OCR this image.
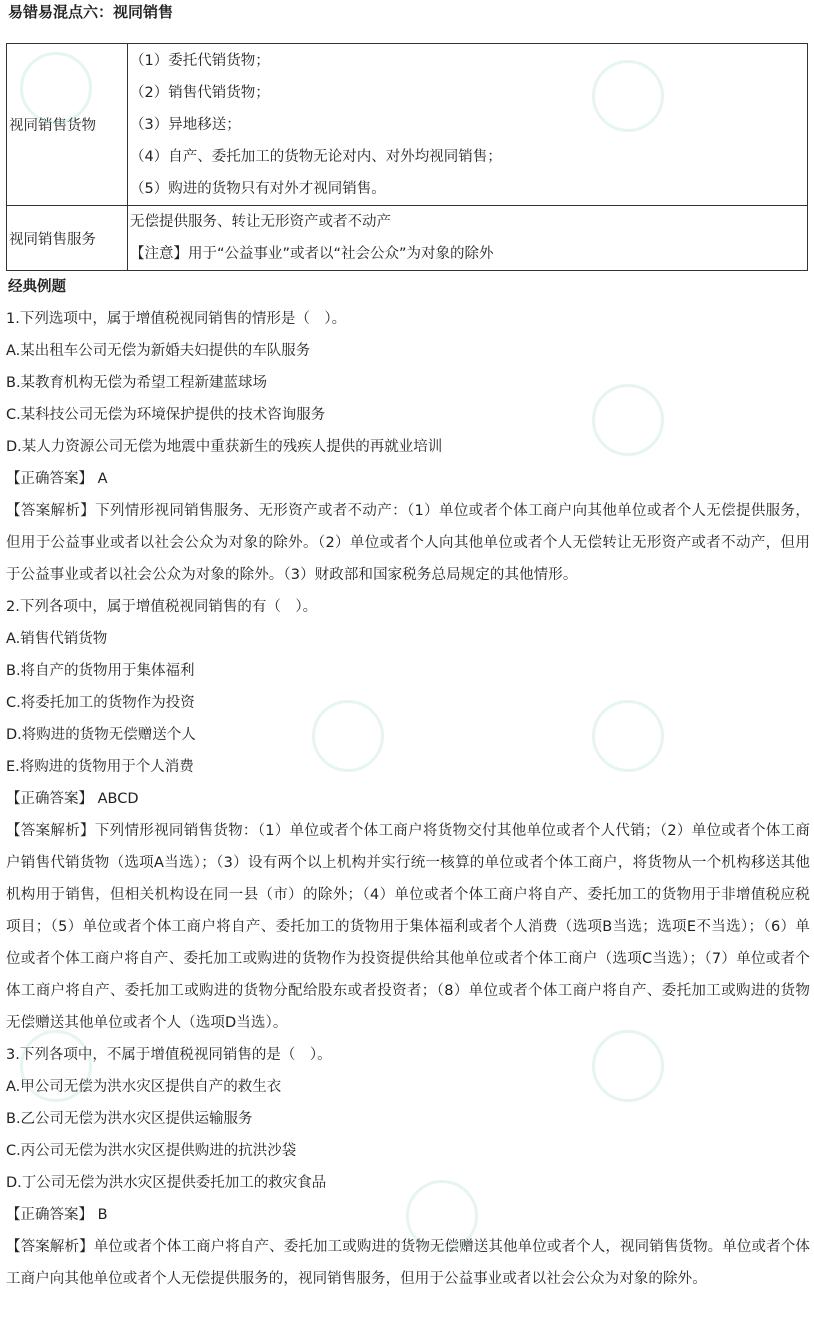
易错易混点六：视同销售
视同销售货物	（1）委托代销货物；
（2）销售代销货物；
（3）异地移送；
（4）自产、委托加工的货物无论对内、对外均视同销售；
（5）购进的货物只有对外才视同销售。

视同销售服务	无偿提供服务、转让无形资产或者不动产
【注意】用于“公益事业”或者以“社会公众”为对象的除外
经典例题
1.下列选项中，属于增值税视同销售的情形是（　）。
A.某出租车公司无偿为新婚夫妇提供的车队服务
B.某教育机构无偿为希望工程新建蓝球场
C.某科技公司无偿为环境保护提供的技术咨询服务
D.某人力资源公司无偿为地震中重获新生的残疾人提供的再就业培训
【正确答案】 A
【答案解析】下列情形视同销售服务、无形资产或者不动产：（1）单位或者个体工商户向其他单位或者个人无偿提供服务，但用于公益事业或者以社会公众为对象的除外。（2）单位或者个人向其他单位或者个人无偿转让无形资产或者不动产，但用于公益事业或者以社会公众为对象的除外。（3）财政部和国家税务总局规定的其他情形。
2.下列各项中，属于增值税视同销售的有（　）。
A.销售代销货物
B.将自产的货物用于集体福利
C.将委托加工的货物作为投资
D.将购进的货物无偿赠送个人
E.将购进的货物用于个人消费
【正确答案】 ABCD
【答案解析】下列情形视同销售货物：（1）单位或者个体工商户将货物交付其他单位或者个人代销；（2）单位或者个体工商户销售代销货物（选项A当选）；（3）设有两个以上机构并实行统一核算的单位或者个体工商户，将货物从一个机构移送其他机构用于销售，但相关机构设在同一县（市）的除外；（4）单位或者个体工商户将自产、委托加工的货物用于非增值税应税项目；（5）单位或者个体工商户将自产、委托加工的货物用于集体福利或者个人消费（选项B当选；选项E不当选）；（6）单位或者个体工商户将自产、委托加工或购进的货物作为投资提供给其他单位或者个体工商户（选项C当选）；（7）单位或者个体工商户将自产、委托加工或购进的货物分配给股东或者投资者；（8）单位或者个体工商户将自产、委托加工或购进的货物无偿赠送其他单位或者个人（选项D当选）。
3.下列各项中，不属于增值税视同销售的是（　）。
A.甲公司无偿为洪水灾区提供自产的救生衣
B.乙公司无偿为洪水灾区提供运输服务
C.丙公司无偿为洪水灾区提供购进的抗洪沙袋
D.丁公司无偿为洪水灾区提供委托加工的救灾食品
【正确答案】 B
【答案解析】单位或者个体工商户将自产、委托加工或购进的货物无偿赠送其他单位或者个人，视同销售货物。单位或者个体工商户向其他单位或者个人无偿提供服务的，视同销售服务，但用于公益事业或者以社会公众为对象的除外。
